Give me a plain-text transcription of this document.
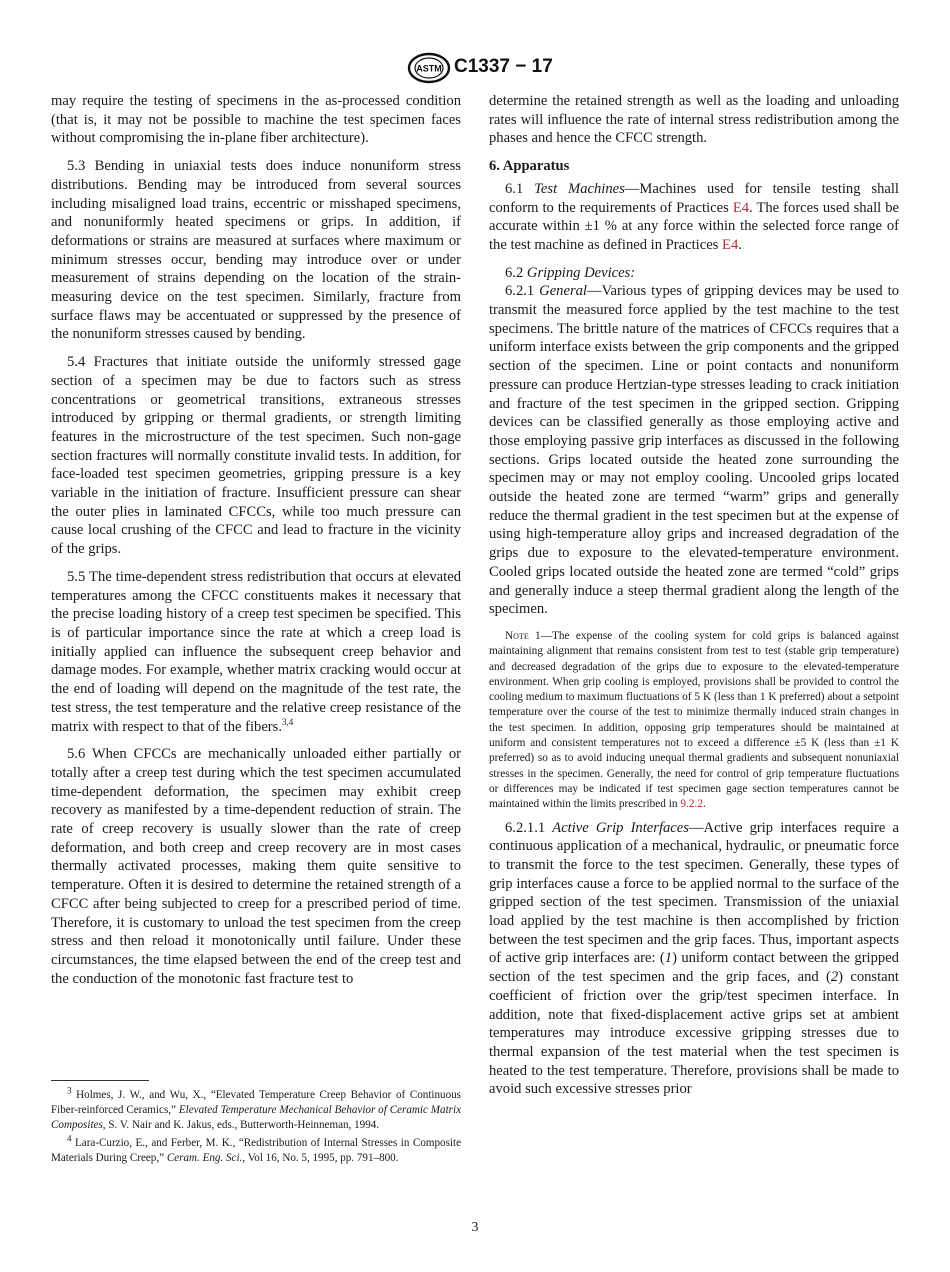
ASTM C1337 − 17

may require the testing of specimens in the as-processed condition (that is, it may not be possible to machine the test specimen faces without compromising the in-plane fiber architecture).

5.3 Bending in uniaxial tests does induce nonuniform stress distributions. Bending may be introduced from several sources including misaligned load trains, eccentric or misshaped specimens, and nonuniformly heated specimens or grips. In addition, if deformations or strains are measured at surfaces where maximum or minimum stresses occur, bending may introduce over or under measurement of strains depending on the location of the strain-measuring device on the test specimen. Similarly, fracture from surface flaws may be accentuated or suppressed by the presence of the nonuniform stresses caused by bending.

5.4 Fractures that initiate outside the uniformly stressed gage section of a specimen may be due to factors such as stress concentrations or geometrical transitions, extraneous stresses introduced by gripping or thermal gradients, or strength limiting features in the microstructure of the test specimen. Such non-gage section fractures will normally constitute invalid tests. In addition, for face-loaded test specimen geometries, gripping pressure is a key variable in the initiation of fracture. Insufficient pressure can shear the outer plies in laminated CFCCs, while too much pressure can cause local crushing of the CFCC and lead to fracture in the vicinity of the grips.

5.5 The time-dependent stress redistribution that occurs at elevated temperatures among the CFCC constituents makes it necessary that the precise loading history of a creep test specimen be specified. This is of particular importance since the rate at which a creep load is initially applied can influence the subsequent creep behavior and damage modes. For example, whether matrix cracking would occur at the end of loading will depend on the magnitude of the test rate, the test stress, the test temperature and the relative creep resistance of the matrix with respect to that of the fibers.$^{3,4}$

5.6 When CFCCs are mechanically unloaded either partially or totally after a creep test during which the test specimen accumulated time-dependent deformation, the specimen may exhibit creep recovery as manifested by a time-dependent reduction of strain. The rate of creep recovery is usually slower than the rate of creep deformation, and both creep and creep recovery are in most cases thermally activated processes, making them quite sensitive to temperature. Often it is desired to determine the retained strength of a CFCC after being subjected to creep for a prescribed period of time. Therefore, it is customary to unload the test specimen from the creep stress and then reload it monotonically until failure. Under these circumstances, the time elapsed between the end of the creep test and the conduction of the monotonic fast fracture test to

$^3$ Holmes, J. W., and Wu, X., “Elevated Temperature Creep Behavior of Continuous Fiber-reinforced Ceramics,” Elevated Temperature Mechanical Behavior of Ceramic Matrix Composites, S. V. Nair and K. Jakus, eds., Butterworth-Heinneman, 1994.

$^4$ Lara-Curzio, E., and Ferber, M. K., “Redistribution of Internal Stresses in Composite Materials During Creep,” Ceram. Eng. Sci., Vol 16, No. 5, 1995, pp. 791–800.

determine the retained strength as well as the loading and unloading rates will influence the rate of internal stress redistribution among the phases and hence the CFCC strength.

6. Apparatus

6.1 Test Machines—Machines used for tensile testing shall conform to the requirements of Practices E4. The forces used shall be accurate within ±1 % at any force within the selected force range of the test machine as defined in Practices E4.

6.2 Gripping Devices:

6.2.1 General—Various types of gripping devices may be used to transmit the measured force applied by the test machine to the test specimens. The brittle nature of the matrices of CFCCs requires that a uniform interface exists between the grip components and the gripped section of the specimen. Line or point contacts and nonuniform pressure can produce Hertzian-type stresses leading to crack initiation and fracture of the test specimen in the gripped section. Gripping devices can be classified generally as those employing active and those employing passive grip interfaces as discussed in the following sections. Grips located outside the heated zone surrounding the specimen may or may not employ cooling. Uncooled grips located outside the heated zone are termed “warm” grips and generally reduce the thermal gradient in the test specimen but at the expense of using high-temperature alloy grips and increased degradation of the grips due to exposure to the elevated-temperature environment. Cooled grips located outside the heated zone are termed “cold” grips and generally induce a steep thermal gradient along the length of the specimen.

Note 1—The expense of the cooling system for cold grips is balanced against maintaining alignment that remains consistent from test to test (stable grip temperature) and decreased degradation of the grips due to exposure to the elevated-temperature environment. When grip cooling is employed, provisions shall be provided to control the cooling medium to maximum fluctuations of 5 K (less than 1 K preferred) about a setpoint temperature over the course of the test to minimize thermally induced strain changes in the test specimen. In addition, opposing grip temperatures should be maintained at uniform and consistent temperatures not to exceed a difference ±5 K (less than ±1 K preferred) so as to avoid inducing unequal thermal gradients and subsequent nonuniaxial stresses in the specimen. Generally, the need for control of grip temperature fluctuations or differences may be indicated if test specimen gage section temperatures cannot be maintained within the limits prescribed in 9.2.2.

6.2.1.1 Active Grip Interfaces—Active grip interfaces require a continuous application of a mechanical, hydraulic, or pneumatic force to transmit the force to the test specimen. Generally, these types of grip interfaces cause a force to be applied normal to the surface of the gripped section of the test specimen. Transmission of the uniaxial load applied by the test machine is then accomplished by friction between the test specimen and the grip faces. Thus, important aspects of active grip interfaces are: (1) uniform contact between the gripped section of the test specimen and the grip faces, and (2) constant coefficient of friction over the grip/test specimen interface. In addition, note that fixed-displacement active grips set at ambient temperatures may introduce excessive gripping stresses due to thermal expansion of the test material when the test specimen is heated to the test temperature. Therefore, provisions shall be made to avoid such excessive stresses prior

3
